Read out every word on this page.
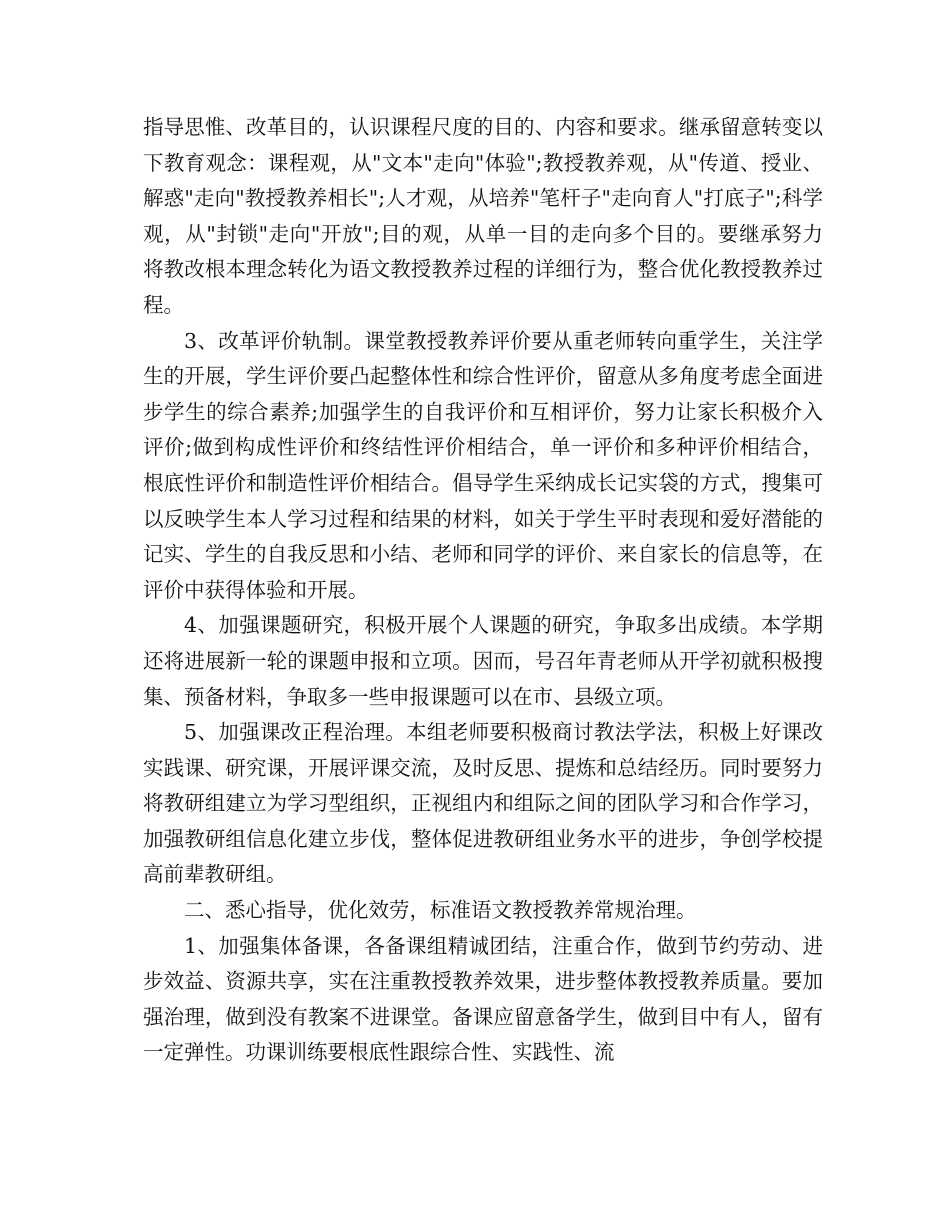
指导思惟、改革目的，认识课程尺度的目的、内容和要求。继承留意转变以下教育观念：课程观，从"文本"走向"体验";教授教养观，从"传道、授业、解惑"走向"教授教养相长";人才观，从培养"笔杆子"走向育人"打底子";科学观，从"封锁"走向"开放";目的观，从单一目的走向多个目的。要继承努力将教改根本理念转化为语文教授教养过程的详细行为，整合优化教授教养过程。

3、改革评价轨制。课堂教授教养评价要从重老师转向重学生，关注学生的开展，学生评价要凸起整体性和综合性评价，留意从多角度考虑全面进步学生的综合素养;加强学生的自我评价和互相评价，努力让家长积极介入评价;做到构成性评价和终结性评价相结合，单一评价和多种评价相结合，根底性评价和制造性评价相结合。倡导学生采纳成长记实袋的方式，搜集可以反映学生本人学习过程和结果的材料，如关于学生平时表现和爱好潜能的记实、学生的自我反思和小结、老师和同学的评价、来自家长的信息等，在评价中获得体验和开展。

4、加强课题研究，积极开展个人课题的研究，争取多出成绩。本学期还将进展新一轮的课题申报和立项。因而，号召年青老师从开学初就积极搜集、预备材料，争取多一些申报课题可以在市、县级立项。

5、加强课改正程治理。本组老师要积极商讨教法学法，积极上好课改实践课、研究课，开展评课交流，及时反思、提炼和总结经历。同时要努力将教研组建立为学习型组织，正视组内和组际之间的团队学习和合作学习，加强教研组信息化建立步伐，整体促进教研组业务水平的进步，争创学校提高前辈教研组。

二、悉心指导，优化效劳，标准语文教授教养常规治理。

1、加强集体备课，各备课组精诚团结，注重合作，做到节约劳动、进步效益、资源共享，实在注重教授教养效果，进步整体教授教养质量。要加强治理，做到没有教案不进课堂。备课应留意备学生，做到目中有人，留有一定弹性。功课训练要根底性跟综合性、实践性、流
